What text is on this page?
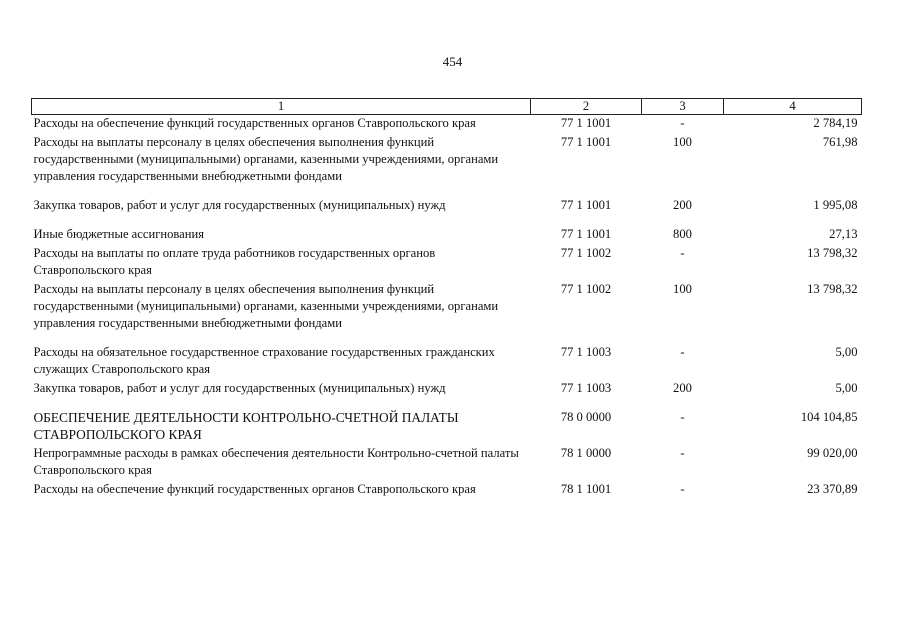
454
1	2	3	4
Расходы на обеспечение функций государственных органов Ставропольского края	77 1 1001	-	2 784,19
Расходы на выплаты персоналу в целях обеспечения выполнения функций государственными (муниципальными) органами, казенными учреждениями, органами управления государственными внебюджетными фондами	77 1 1001	100	761,98
Закупка товаров, работ и услуг для государственных (муниципальных) нужд	77 1 1001	200	1 995,08
Иные бюджетные ассигнования	77 1 1001	800	27,13
Расходы на выплаты по оплате труда работников государственных органов Ставропольского края	77 1 1002	-	13 798,32
Расходы на выплаты персоналу в целях обеспечения выполнения функций государственными (муниципальными) органами, казенными учреждениями, органами управления государственными внебюджетными фондами	77 1 1002	100	13 798,32
Расходы на обязательное государственное страхование государственных гражданских служащих Ставропольского края	77 1 1003	-	5,00
Закупка товаров, работ и услуг для государственных (муниципальных) нужд	77 1 1003	200	5,00
ОБЕСПЕЧЕНИЕ ДЕЯТЕЛЬНОСТИ КОНТРОЛЬНО-СЧЕТНОЙ ПАЛАТЫ СТАВРОПОЛЬСКОГО КРАЯ	78 0 0000	-	104 104,85
Непрограммные расходы в рамках обеспечения деятельности Контрольно-счетной палаты Ставропольского края	78 1 0000	-	99 020,00
Расходы на обеспечение функций государственных органов Ставропольского края	78 1 1001	-	23 370,89
